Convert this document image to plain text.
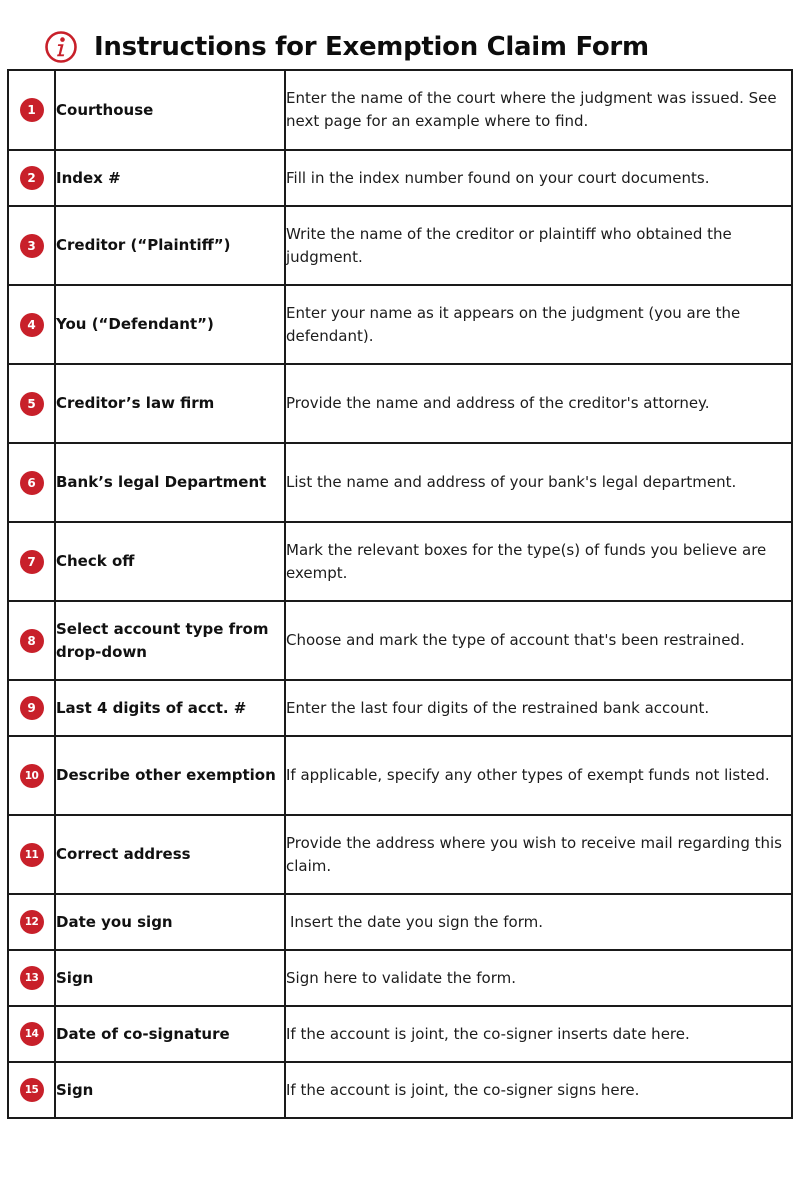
Instructions for Exemption Claim Form
1	Courthouse	Enter the name of the court where the judgment was issued. See next page for an example where to find.

2	Index #	Fill in the index number found on your court documents.

3	Creditor (“Plaintiff”)	Write the name of the creditor or plaintiff who obtained the judgment.

4	You (“Defendant”)	Enter your name as it appears on the judgment (you are the defendant).

5	Creditor’s law firm	Provide the name and address of the creditor's attorney.

6	Bank’s legal Department	List the name and address of your bank's legal department.

7	Check off	Mark the relevant boxes for the type(s) of funds you believe are exempt.

8	Select account type from drop-down	Choose and mark the type of account that's been restrained.

9	Last 4 digits of acct. #	Enter the last four digits of the restrained bank account.

10	Describe other exemption	If applicable, specify any other types of exempt funds not listed.

11	Correct address	Provide the address where you wish to receive mail regarding this claim.

12	Date you sign	Insert the date you sign the form.

13	Sign	Sign here to validate the form.

14	Date of co-signature	If the account is joint, the co-signer inserts date here.

15	Sign	If the account is joint, the co-signer signs here.
